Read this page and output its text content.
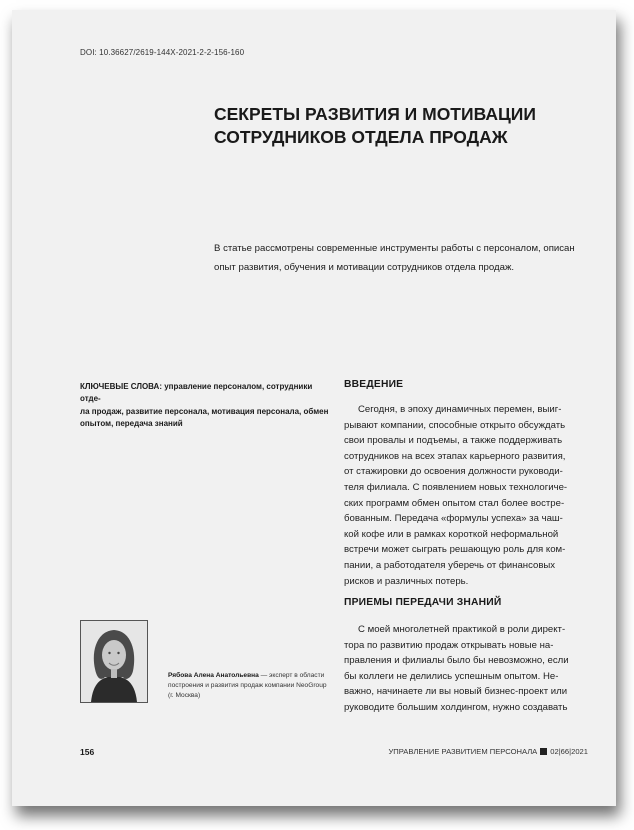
DOI: 10.36627/2619-144X-2021-2-2-156-160
СЕКРЕТЫ РАЗВИТИЯ И МОТИВАЦИИ
СОТРУДНИКОВ ОТДЕЛА ПРОДАЖ

В статье рассмотрены современные инструменты работы с персоналом, описан
опыт развития, обучения и мотивации сотрудников отдела продаж.

КЛЮЧЕВЫЕ СЛОВА: управление персоналом, сотрудники отде-
ла продаж, развитие персонала, мотивация персонала, обмен
опытом, передача знаний

ВВЕДЕНИЕ

Сегодня, в эпоху динамичных перемен, выиг-
рывают компании, способные открыто обсуждать
свои провалы и подъемы, а также поддерживать
сотрудников на всех этапах карьерного развития,
от стажировки до освоения должности руководи-
теля филиала. С появлением новых технологиче-
ских программ обмен опытом стал более востре-
бованным. Передача «формулы успеха» за чаш-
кой кофе или в рамках короткой неформальной
встречи может сыграть решающую роль для ком-
пании, а работодателя уберечь от финансовых
рисков и различных потерь.

ПРИЕМЫ ПЕРЕДАЧИ ЗНАНИЙ

С моей многолетней практикой в роли директ-
тора по развитию продаж открывать новые на-
правления и филиалы было бы невозможно, если
бы коллеги не делились успешным опытом. Не-
важно, начинаете ли вы новый бизнес-проект или
руководите большим холдингом, нужно создавать

Рябова Алена Анатольевна — эксперт в области
построения и развития продаж компании NeoGroup
(г. Москва)

156	УПРАВЛЕНИЕ РАЗВИТИЕМ ПЕРСОНАЛА 02|66|2021
